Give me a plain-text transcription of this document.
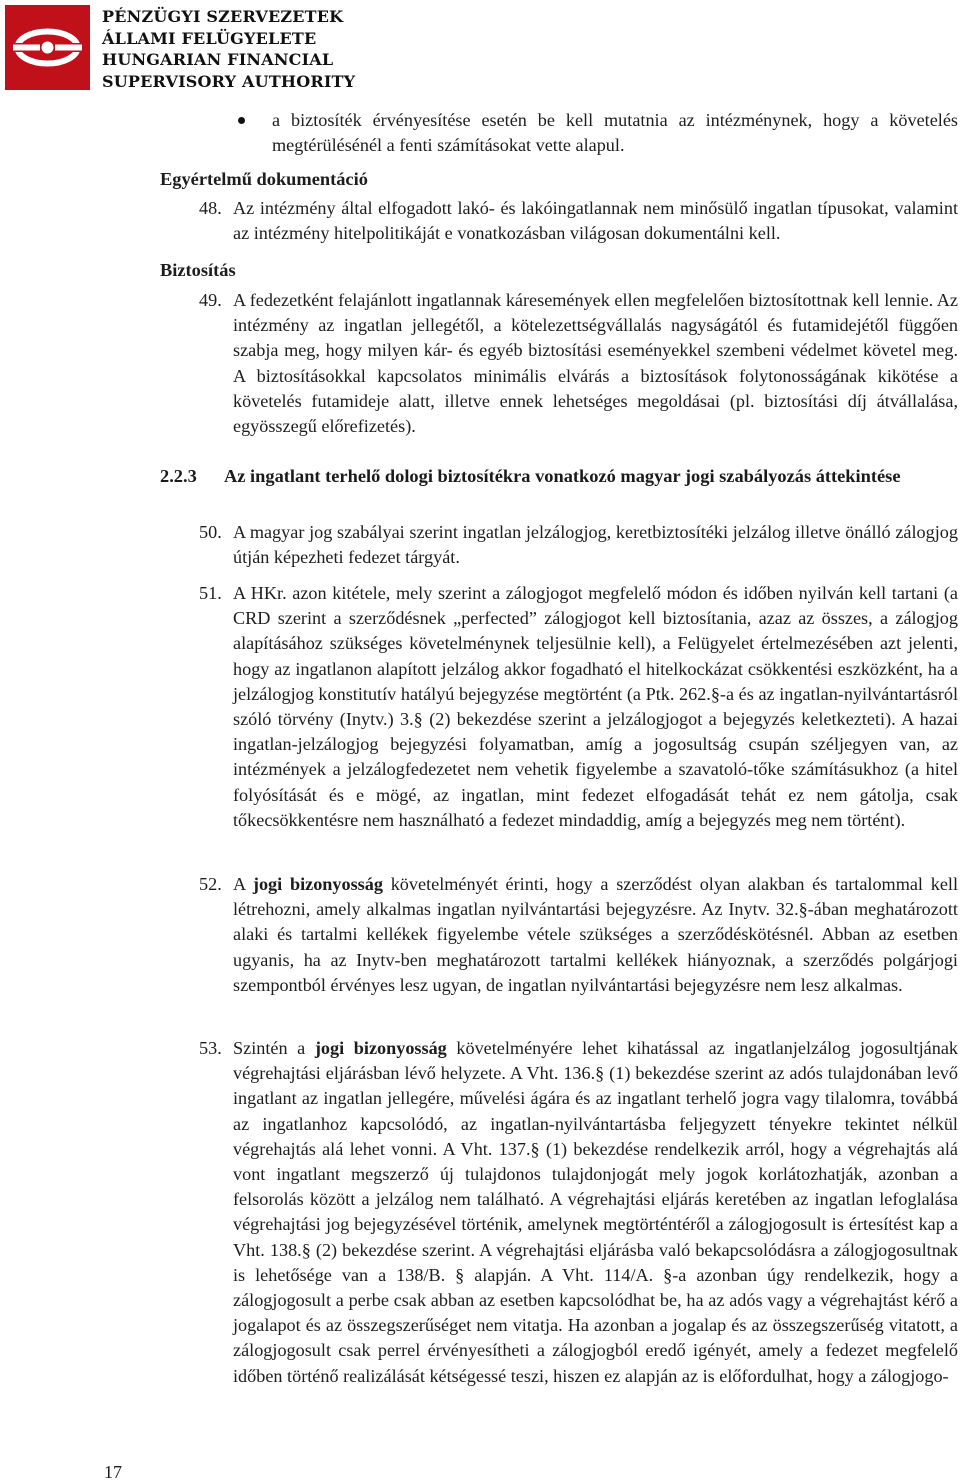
PÉNZÜGYI SZERVEZETEK
ÁLLAMI FELÜGYELETE
HUNGARIAN FINANCIAL
SUPERVISORY AUTHORITY
a biztosíték érvényesítése esetén be kell mutatnia az intézménynek, hogy a követelés megtérülésénél a fenti számításokat vette alapul.
Egyértelmű dokumentáció
48. Az intézmény által elfogadott lakó- és lakóingatlannak nem minősülő ingatlan típusokat, valamint az intézmény hitelpolitikáját e vonatkozásban világosan dokumentálni kell.
Biztosítás
49. A fedezetként felajánlott ingatlannak káresemények ellen megfelelően biztosítottnak kell lennie. Az intézmény az ingatlan jellegétől, a kötelezettségvállalás nagyságától és futamidejétől függően szabja meg, hogy milyen kár- és egyéb biztosítási eseményekkel szembeni védelmet követel meg. A biztosításokkal kapcsolatos minimális elvárás a biztosítások folytonosságának kikötése a követelés futamideje alatt, illetve ennek lehetséges megoldásai (pl. biztosítási díj átvállalása, egyösszegű előrefizetés).
2.2.3 Az ingatlant terhelő dologi biztosítékra vonatkozó magyar jogi szabályozás áttekintése
50. A magyar jog szabályai szerint ingatlan jelzálogjog, keretbiztosítéki jelzálog illetve önálló zálogjog útján képezheti fedezet tárgyát.
51. A HKr. azon kitétele, mely szerint a zálogjogot megfelelő módon és időben nyilván kell tartani (a CRD szerint a szerződésnek „perfected” zálogjogot kell biztosítania, azaz az összes, a zálogjog alapításához szükséges követelménynek teljesülnie kell), a Felügyelet értelmezésében azt jelenti, hogy az ingatlanon alapított jelzálog akkor fogadható el hitelkockázat csökkentési eszközként, ha a jelzálogjog konstitutív hatályú bejegyzése megtörtént (a Ptk. 262.§-a és az ingatlan-nyilvántartásról szóló törvény (Inytv.) 3.§ (2) bekezdése szerint a jelzálogjogot a bejegyzés keletkezteti). A hazai ingatlan-jelzálogjog bejegyzési folyamatban, amíg a jogosultság csupán széljegyen van, az intézmények a jelzálogfedezetet nem vehetik figyelembe a szavatoló-tőke számításukhoz (a hitel folyósítását és e mögé, az ingatlan, mint fedezet elfogadását tehát ez nem gátolja, csak tőkecsökkentésre nem használható a fedezet mindaddig, amíg a bejegyzés meg nem történt).
52. A jogi bizonyosság követelményét érinti, hogy a szerződést olyan alakban és tartalommal kell létrehozni, amely alkalmas ingatlan nyilvántartási bejegyzésre. Az Inytv. 32.§-ában meghatározott alaki és tartalmi kellékek figyelembe vétele szükséges a szerződéskötésnél. Abban az esetben ugyanis, ha az Inytv-ben meghatározott tartalmi kellékek hiányoznak, a szerződés polgárjogi szempontból érvényes lesz ugyan, de ingatlan nyilvántartási bejegyzésre nem lesz alkalmas.
53. Szintén a jogi bizonyosság követelményére lehet kihatással az ingatlanjelzálog jogosultjának végrehajtási eljárásban lévő helyzete. A Vht. 136.§ (1) bekezdése szerint az adós tulajdonában levő ingatlant az ingatlan jellegére, művelési ágára és az ingatlant terhelő jogra vagy tilalomra, továbbá az ingatlanhoz kapcsolódó, az ingatlan-nyilvántartásba feljegyzett tényekre tekintet nélkül végrehajtás alá lehet vonni. A Vht. 137.§ (1) bekezdése rendelkezik arról, hogy a végrehajtás alá vont ingatlant megszerző új tulajdonos tulajdonjogát mely jogok korlátozhatják, azonban a felsorolás között a jelzálog nem található. A végrehajtási eljárás keretében az ingatlan lefoglalása végrehajtási jog bejegyzésével történik, amelynek megtörténtéről a zálogjogosult is értesítést kap a Vht. 138.§ (2) bekezdése szerint. A végrehajtási eljárásba való bekapcsolódásra a zálogjogosultnak is lehetősége van a 138/B. § alapján. A Vht. 114/A. §-a azonban úgy rendelkezik, hogy a zálogjogosult a perbe csak abban az esetben kapcsolódhat be, ha az adós vagy a végrehajtást kérő a jogalapot és az összegszerűséget nem vitatja. Ha azonban a jogalap és az összegszerűség vitatott, a zálogjogosult csak perrel érvényesítheti a zálogjogból eredő igényét, amely a fedezet megfelelő időben történő realizálását kétségessé teszi, hiszen ez alapján az is előfordulhat, hogy a zálogjogo-
17
